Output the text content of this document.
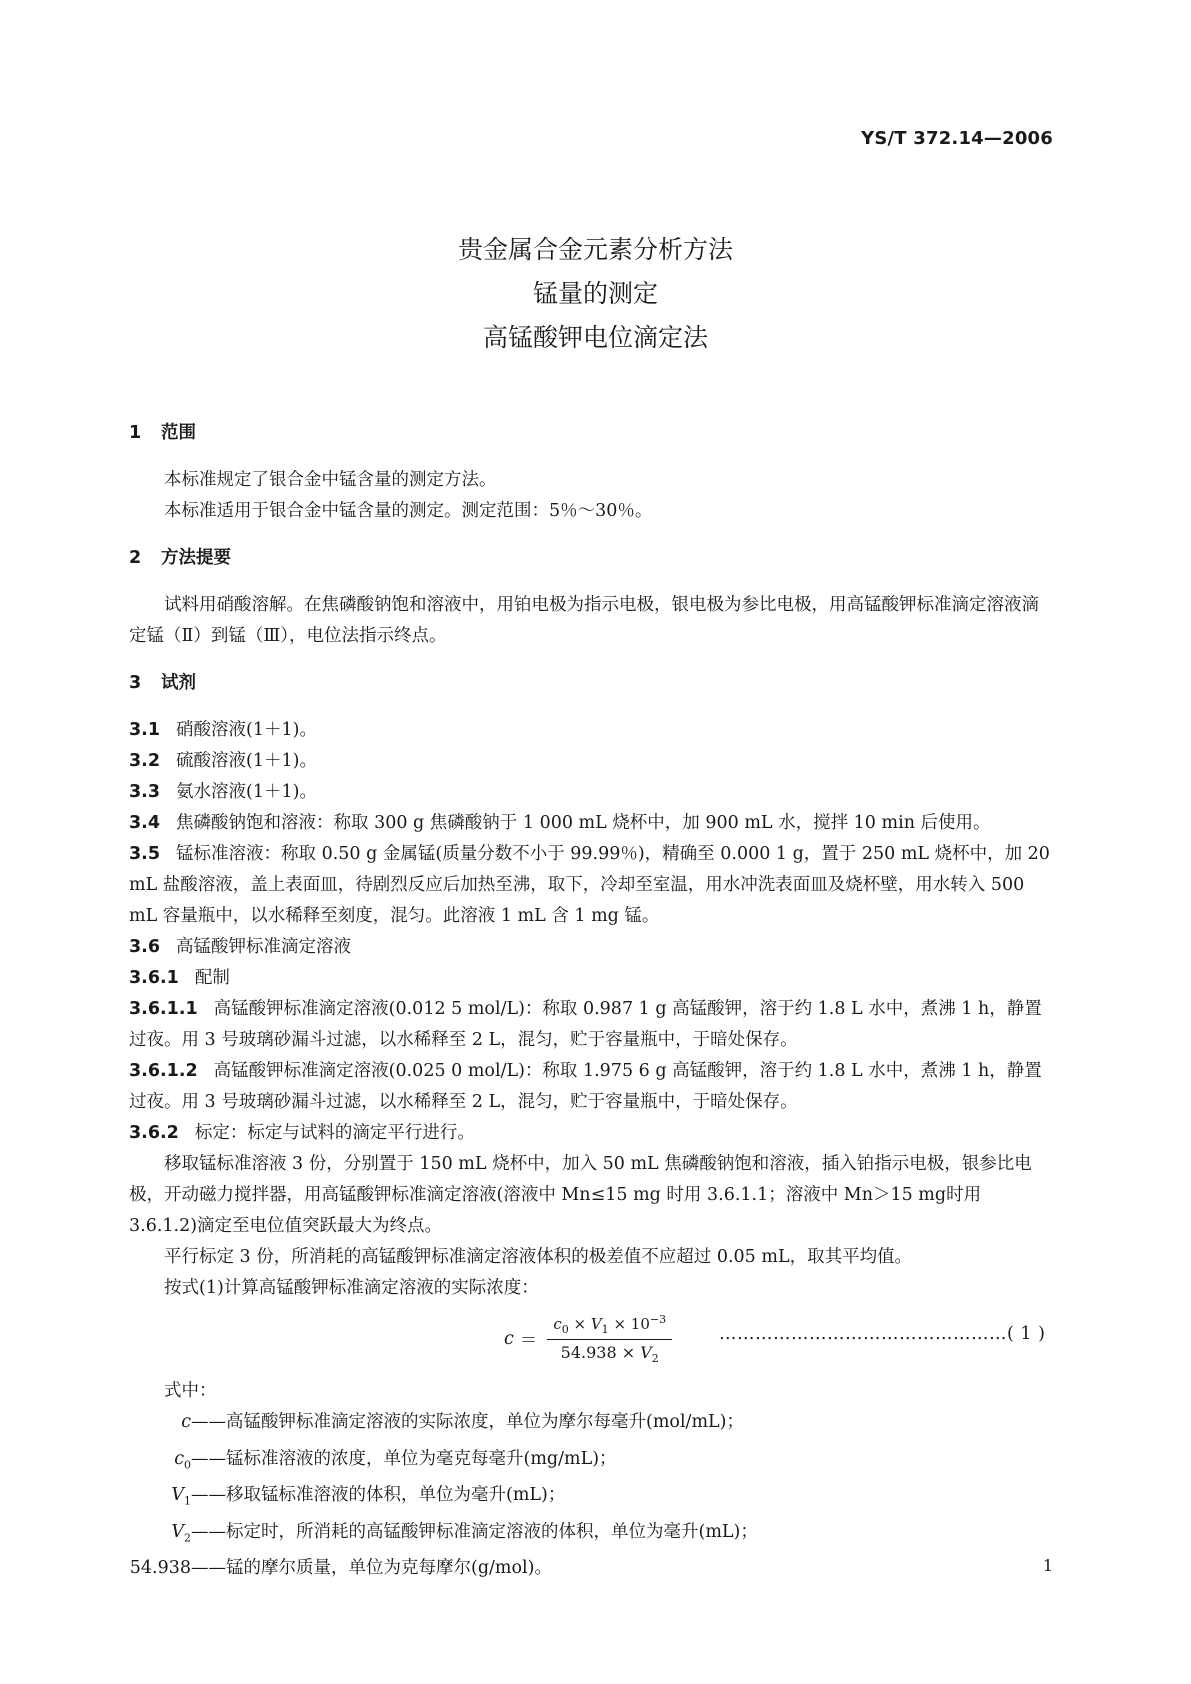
YS/T 372.14—2006
贵金属合金元素分析方法
锰量的测定
高锰酸钾电位滴定法
1 范围
本标准规定了银合金中锰含量的测定方法。
本标准适用于银合金中锰含量的测定。测定范围：5％～30％。
2 方法提要
试料用硝酸溶解。在焦磷酸钠饱和溶液中，用铂电极为指示电极，银电极为参比电极，用高锰酸钾标准滴定溶液滴定锰（Ⅱ）到锰（Ⅲ），电位法指示终点。
3 试剂
3.1 硝酸溶液(1＋1)。
3.2 硫酸溶液(1＋1)。
3.3 氨水溶液(1＋1)。
3.4 焦磷酸钠饱和溶液：称取 300 g 焦磷酸钠于 1 000 mL 烧杯中，加 900 mL 水，搅拌 10 min 后使用。
3.5 锰标准溶液：称取 0.50 g 金属锰(质量分数不小于 99.99％)，精确至 0.000 1 g，置于 250 mL 烧杯中，加 20 mL 盐酸溶液，盖上表面皿，待剧烈反应后加热至沸，取下，冷却至室温，用水冲洗表面皿及烧杯壁，用水转入 500 mL 容量瓶中，以水稀释至刻度，混匀。此溶液 1 mL 含 1 mg 锰。
3.6 高锰酸钾标准滴定溶液
3.6.1 配制
3.6.1.1 高锰酸钾标准滴定溶液(0.012 5 mol/L)：称取 0.987 1 g 高锰酸钾，溶于约 1.8 L 水中，煮沸 1 h，静置过夜。用 3 号玻璃砂漏斗过滤，以水稀释至 2 L，混匀，贮于容量瓶中，于暗处保存。
3.6.1.2 高锰酸钾标准滴定溶液(0.025 0 mol/L)：称取 1.975 6 g 高锰酸钾，溶于约 1.8 L 水中，煮沸 1 h，静置过夜。用 3 号玻璃砂漏斗过滤，以水稀释至 2 L，混匀，贮于容量瓶中，于暗处保存。
3.6.2 标定：标定与试料的滴定平行进行。
移取锰标准溶液 3 份，分别置于 150 mL 烧杯中，加入 50 mL 焦磷酸钠饱和溶液，插入铂指示电极，银参比电极，开动磁力搅拌器，用高锰酸钾标准滴定溶液(溶液中 Mn≤15 mg 时用 3.6.1.1；溶液中 Mn＞15 mg时用 3.6.1.2)滴定至电位值突跃最大为终点。
平行标定 3 份，所消耗的高锰酸钾标准滴定溶液体积的极差值不应超过 0.05 mL，取其平均值。
按式(1)计算高锰酸钾标准滴定溶液的实际浓度：
$c = \frac{c_0 \times V_1 \times 10^{-3}}{54.938 \times V_2}$	…………………………………………( 1 )
式中：
c——高锰酸钾标准滴定溶液的实际浓度，单位为摩尔每毫升(mol/mL)；
$c_0——$锰标准溶液的浓度，单位为毫克每毫升(mg/mL)；
$V_1——$移取锰标准溶液的体积，单位为毫升(mL)；
$V_2——$标定时，所消耗的高锰酸钾标准滴定溶液的体积，单位为毫升(mL)；
54.938——锰的摩尔质量，单位为克每摩尔(g/mol)。	1
